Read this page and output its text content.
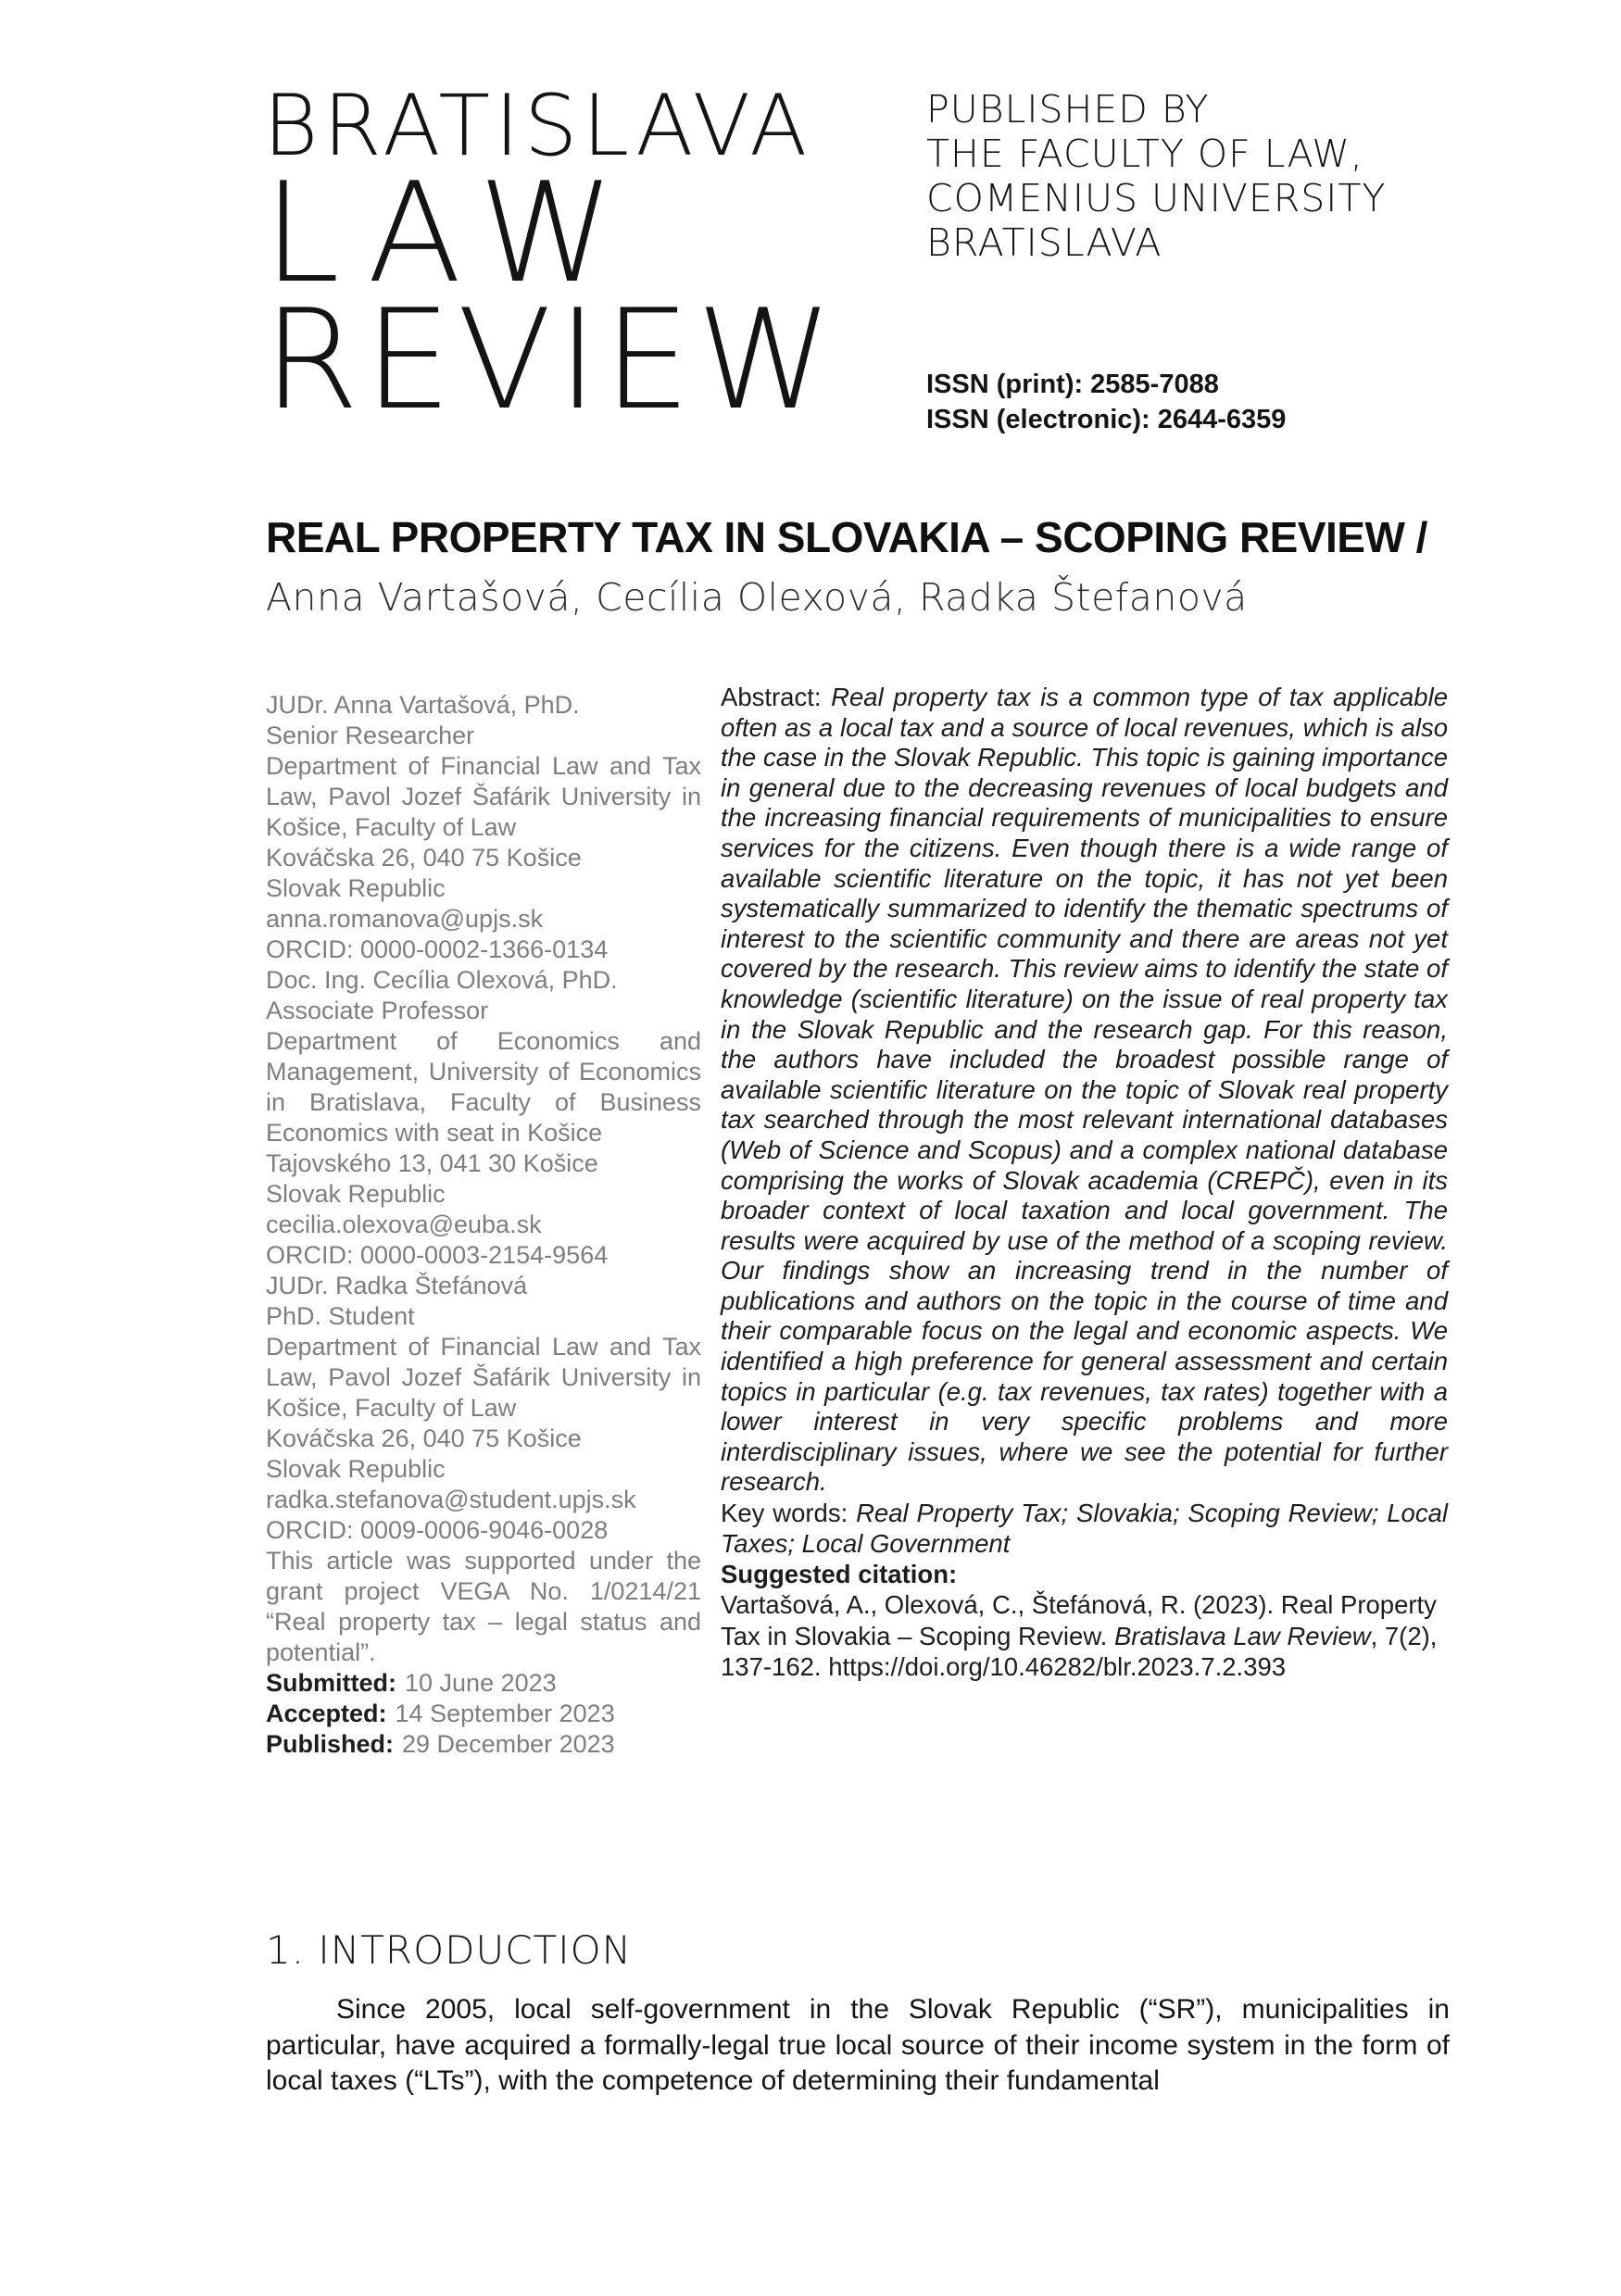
BRATISLAVA
LAW
REVIEW
PUBLISHED BY
THE FACULTY OF LAW,
COMENIUS UNIVERSITY
BRATISLAVA
ISSN (print): 2585-7088
ISSN (electronic): 2644-6359
REAL PROPERTY TAX IN SLOVAKIA – SCOPING REVIEW /
Anna Vartašová, Cecília Olexová, Radka Štefanová
JUDr. Anna Vartašová, PhD.
Senior Researcher

Department of Financial Law and Tax Law, Pavol Jozef Šafárik University in Košice, Faculty of Law

Kováčska 26, 040 75 Košice
Slovak Republic
anna.romanova@upjs.sk
ORCID: 0000-0002-1366-0134
Doc. Ing. Cecília Olexová, PhD.
Associate Professor

Department of Economics and Management, University of Economics in Bratislava, Faculty of Business Economics with seat in Košice

Tajovského 13, 041 30 Košice
Slovak Republic
cecilia.olexova@euba.sk
ORCID: 0000-0003-2154-9564
JUDr. Radka Štefánová
PhD. Student

Department of Financial Law and Tax Law, Pavol Jozef Šafárik University in Košice, Faculty of Law

Kováčska 26, 040 75 Košice
Slovak Republic
radka.stefanova@student.upjs.sk
ORCID: 0009-0006-9046-0028

This article was supported under the grant project VEGA No. 1/0214/21 “Real property tax – legal status and potential”.

Submitted: 10 June 2023
Accepted: 14 September 2023
Published: 29 December 2023

Abstract: Real property tax is a common type of tax applicable often as a local tax and a source of local revenues, which is also the case in the Slovak Republic. This topic is gaining importance in general due to the decreasing revenues of local budgets and the increasing financial requirements of municipalities to ensure services for the citizens. Even though there is a wide range of available scientific literature on the topic, it has not yet been systematically summarized to identify the thematic spectrums of interest to the scientific community and there are areas not yet covered by the research. This review aims to identify the state of knowledge (scientific literature) on the issue of real property tax in the Slovak Republic and the research gap. For this reason, the authors have included the broadest possible range of available scientific literature on the topic of Slovak real property tax searched through the most relevant international databases (Web of Science and Scopus) and a complex national database comprising the works of Slovak academia (CREPČ), even in its broader context of local taxation and local government. The results were acquired by use of the method of a scoping review. Our findings show an increasing trend in the number of publications and authors on the topic in the course of time and their comparable focus on the legal and economic aspects. We identified a high preference for general assessment and certain topics in particular (e.g. tax revenues, tax rates) together with a lower interest in very specific problems and more interdisciplinary issues, where we see the potential for further research.

Key words: Real Property Tax; Slovakia; Scoping Review; Local Taxes; Local Government

Suggested citation:

Vartašová, A., Olexová, C., Štefánová, R. (2023). Real Property Tax in Slovakia – Scoping Review. Bratislava Law Review, 7(2), 137-162. https://doi.org/10.46282/blr.2023.7.2.393

1. INTRODUCTION

Since 2005, local self-government in the Slovak Republic (“SR”), municipalities in particular, have acquired a formally-legal true local source of their income system in the form of local taxes (“LTs”), with the competence of determining their fundamental
